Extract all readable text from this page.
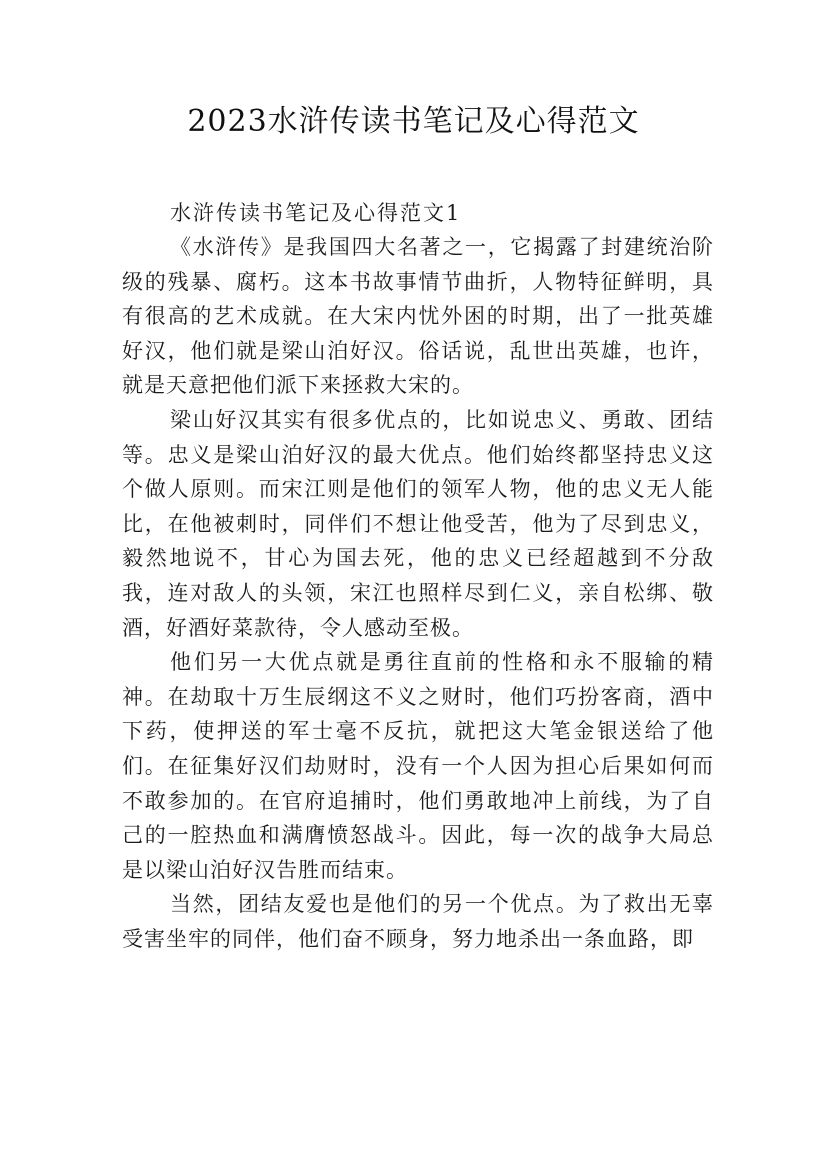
2023水浒传读书笔记及心得范文

水浒传读书笔记及心得范文1

《水浒传》是我国四大名著之一，它揭露了封建统治阶级的残暴、腐朽。这本书故事情节曲折，人物特征鲜明，具有很高的艺术成就。在大宋内忧外困的时期，出了一批英雄好汉，他们就是梁山泊好汉。俗话说，乱世出英雄，也许，就是天意把他们派下来拯救大宋的。

梁山好汉其实有很多优点的，比如说忠义、勇敢、团结等。忠义是梁山泊好汉的最大优点。他们始终都坚持忠义这个做人原则。而宋江则是他们的领军人物，他的忠义无人能比，在他被刺时，同伴们不想让他受苦，他为了尽到忠义，毅然地说不，甘心为国去死，他的忠义已经超越到不分敌我，连对敌人的头领，宋江也照样尽到仁义，亲自松绑、敬酒，好酒好菜款待，令人感动至极。

他们另一大优点就是勇往直前的性格和永不服输的精神。在劫取十万生辰纲这不义之财时，他们巧扮客商，酒中下药，使押送的军士毫不反抗，就把这大笔金银送给了他们。在征集好汉们劫财时，没有一个人因为担心后果如何而不敢参加的。在官府追捕时，他们勇敢地冲上前线，为了自己的一腔热血和满膺愤怒战斗。因此，每一次的战争大局总是以梁山泊好汉告胜而结束。

当然，团结友爱也是他们的另一个优点。为了救出无辜受害坐牢的同伴，他们奋不顾身，努力地杀出一条血路，即
